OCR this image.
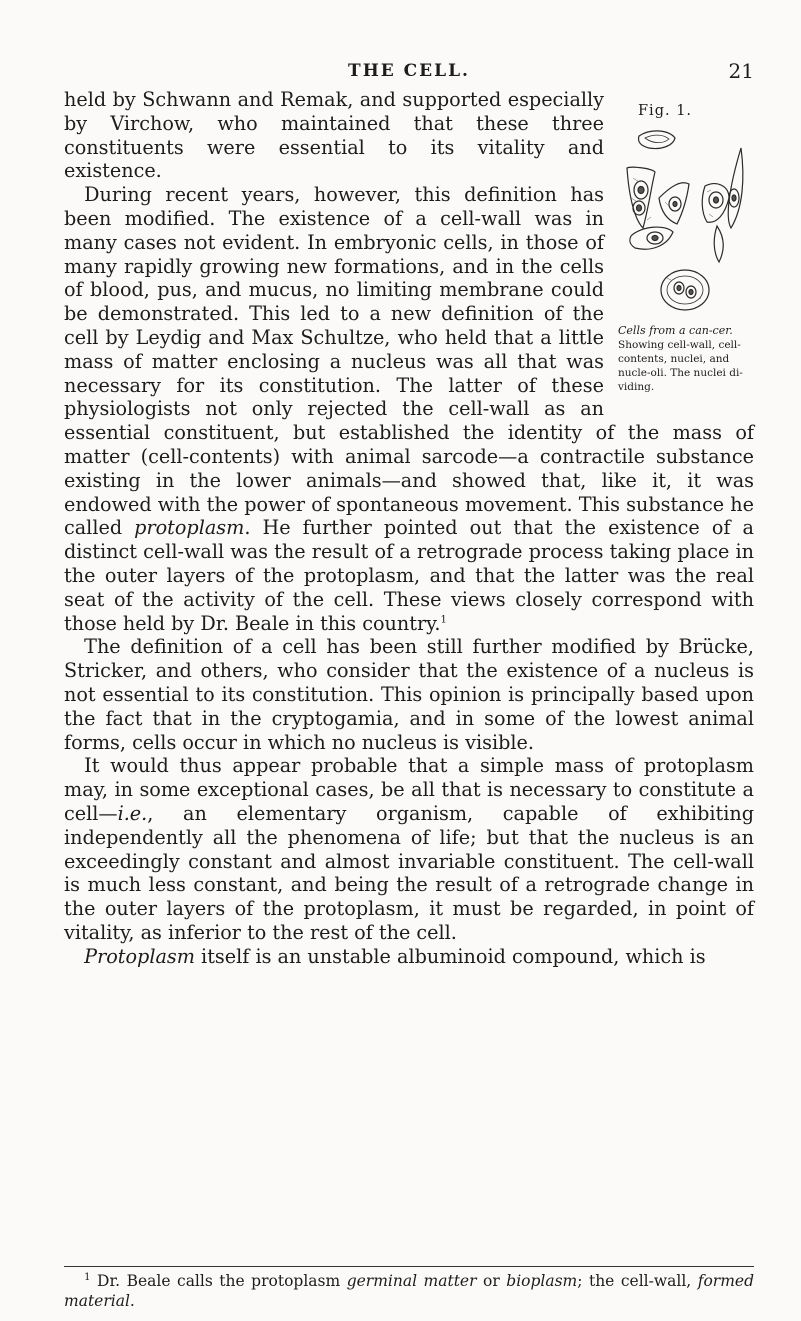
THE CELL.	21
Fig. 1.
Cells from a can-cer. Showing cell-wall, cell-contents, nuclei, and nucle-oli. The nuclei di-viding.

held by Schwann and Remak, and supported especially by Virchow, who maintained that these three constituents were essential to its vitality and existence.

During recent years, however, this definition has been modified. The existence of a cell-wall was in many cases not evident. In embryonic cells, in those of many rapidly growing new formations, and in the cells of blood, pus, and mucus, no limiting membrane could be demonstrated. This led to a new definition of the cell by Leydig and Max Schultze, who held that a little mass of matter enclosing a nucleus was all that was necessary for its constitution. The latter of these physiologists not only rejected the cell-wall as an essential constituent, but established the identity of the mass of matter (cell-contents) with animal sarcode—a contractile substance existing in the lower animals—and showed that, like it, it was endowed with the power of spontaneous movement. This substance he called protoplasm. He further pointed out that the existence of a distinct cell-wall was the result of a retrograde process taking place in the outer layers of the protoplasm, and that the latter was the real seat of the activity of the cell. These views closely correspond with those held by Dr. Beale in this country.$^1$

The definition of a cell has been still further modified by Brücke, Stricker, and others, who consider that the existence of a nucleus is not essential to its constitution. This opinion is principally based upon the fact that in the cryptogamia, and in some of the lowest animal forms, cells occur in which no nucleus is visible.

It would thus appear probable that a simple mass of protoplasm may, in some exceptional cases, be all that is necessary to constitute a cell—i.e., an elementary organism, capable of exhibiting independently all the phenomena of life; but that the nucleus is an exceedingly constant and almost invariable constituent. The cell-wall is much less constant, and being the result of a retrograde change in the outer layers of the protoplasm, it must be regarded, in point of vitality, as inferior to the rest of the cell.

Protoplasm itself is an unstable albuminoid compound, which is

$^1$ Dr. Beale calls the protoplasm germinal matter or bioplasm; the cell-wall, formed material.
